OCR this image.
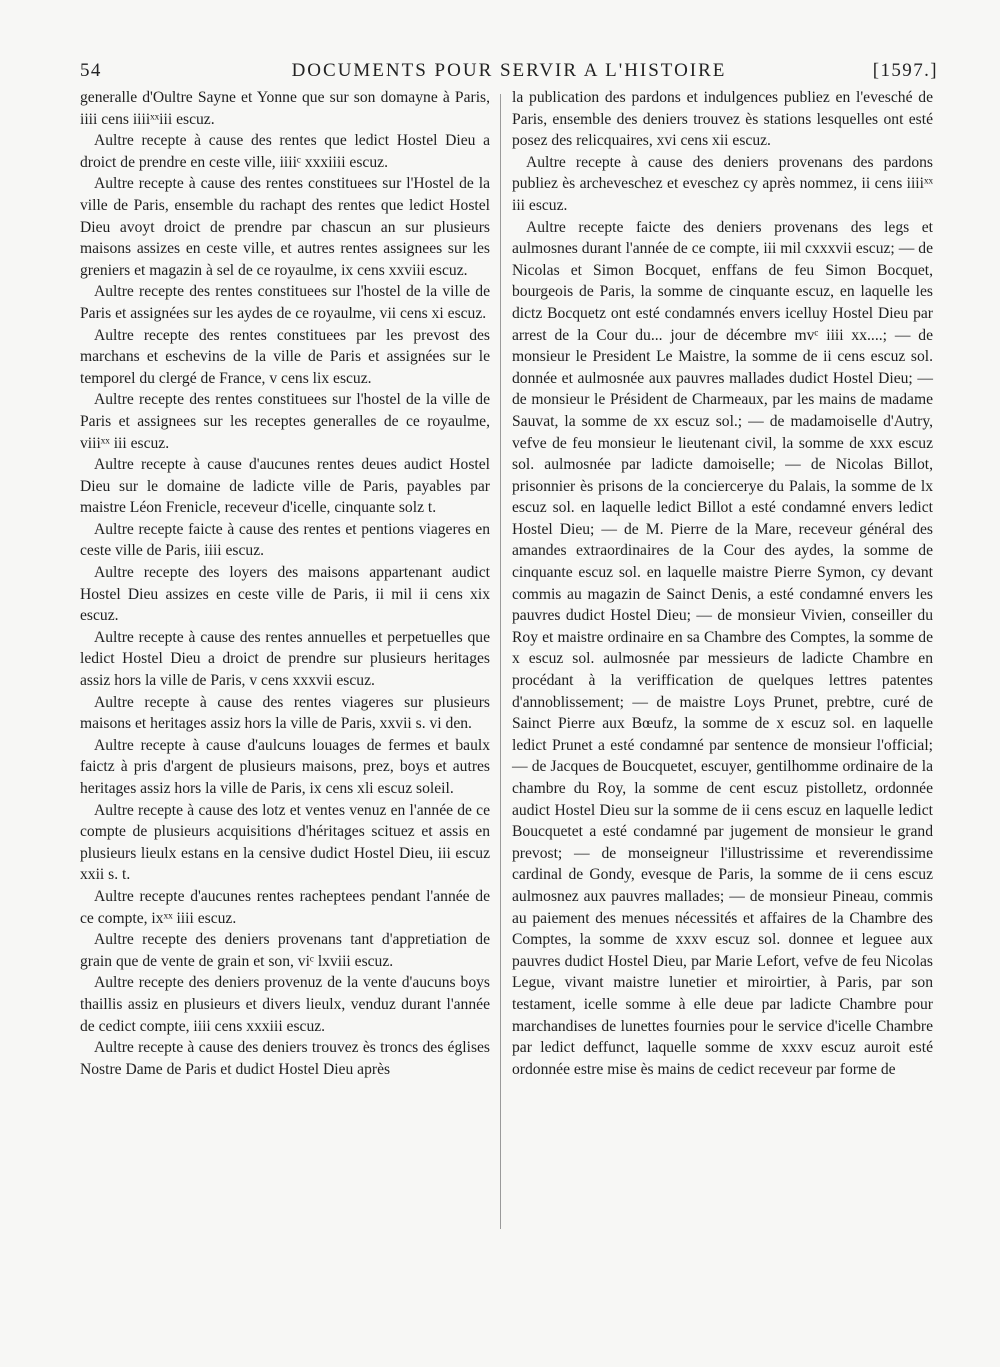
54	DOCUMENTS POUR SERVIR A L'HISTOIRE	[1597.]

generalle d'Oultre Sayne et Yonne que sur son domayne à Paris, iiii cens iiiiˣˣiii escuz.

Aultre recepte à cause des rentes que ledict Hostel Dieu a droict de prendre en ceste ville, iiiiᶜ xxxiiii escuz.

Aultre recepte à cause des rentes constituees sur l'Hostel de la ville de Paris, ensemble du rachapt des rentes que ledict Hostel Dieu avoyt droict de prendre par chascun an sur plusieurs maisons assizes en ceste ville, et autres rentes assignees sur les greniers et magazin à sel de ce royaulme, ix cens xxviii escuz.

Aultre recepte des rentes constituees sur l'hostel de la ville de Paris et assignées sur les aydes de ce royaulme, vii cens xi escuz.

Aultre recepte des rentes constituees par les prevost des marchans et eschevins de la ville de Paris et assignées sur le temporel du clergé de France, v cens lix escuz.

Aultre recepte des rentes constituees sur l'hostel de la ville de Paris et assignees sur les receptes generalles de ce royaulme, viiiˣˣ iii escuz.

Aultre recepte à cause d'aucunes rentes deues audict Hostel Dieu sur le domaine de ladicte ville de Paris, payables par maistre Léon Frenicle, receveur d'icelle, cinquante solz t.

Aultre recepte faicte à cause des rentes et pentions viageres en ceste ville de Paris, iiii escuz.

Aultre recepte des loyers des maisons appartenant audict Hostel Dieu assizes en ceste ville de Paris, ii mil ii cens xix escuz.

Aultre recepte à cause des rentes annuelles et perpetuelles que ledict Hostel Dieu a droict de prendre sur plusieurs heritages assiz hors la ville de Paris, v cens xxxvii escuz.

Aultre recepte à cause des rentes viageres sur plusieurs maisons et heritages assiz hors la ville de Paris, xxvii s. vi den.

Aultre recepte à cause d'aulcuns louages de fermes et baulx faictz à pris d'argent de plusieurs maisons, prez, boys et autres heritages assiz hors la ville de Paris, ix cens xli escuz soleil.

Aultre recepte à cause des lotz et ventes venuz en l'année de ce compte de plusieurs acquisitions d'héritages scituez et assis en plusieurs lieulx estans en la censive dudict Hostel Dieu, iii escuz xxii s. t.

Aultre recepte d'aucunes rentes racheptees pendant l'année de ce compte, ixˣˣ iiii escuz.

Aultre recepte des deniers provenans tant d'appretiation de grain que de vente de grain et son, viᶜ lxviii escuz.

Aultre recepte des deniers provenuz de la vente d'aucuns boys thaillis assiz en plusieurs et divers lieulx, venduz durant l'année de cedict compte, iiii cens xxxiii escuz.

Aultre recepte à cause des deniers trouvez ès troncs des églises Nostre Dame de Paris et dudict Hostel Dieu après

la publication des pardons et indulgences publiez en l'evesché de Paris, ensemble des deniers trouvez ès stations lesquelles ont esté posez des relicquaires, xvi cens xii escuz.

Aultre recepte à cause des deniers provenans des pardons publiez ès archeveschez et eveschez cy après nommez, ii cens iiiiˣˣ iii escuz.

Aultre recepte faicte des deniers provenans des legs et aulmosnes durant l'année de ce compte, iii mil cxxxvii escuz; — de Nicolas et Simon Bocquet, enffans de feu Simon Bocquet, bourgeois de Paris, la somme de cinquante escuz, en laquelle les dictz Bocquetz ont esté condamnés envers icelluy Hostel Dieu par arrest de la Cour du... jour de décembre mvᶜ iiii xx....; — de monsieur le President Le Maistre, la somme de ii cens escuz sol. donnée et aulmosnée aux pauvres mallades dudict Hostel Dieu; — de monsieur le Président de Charmeaux, par les mains de madame Sauvat, la somme de xx escuz sol.; — de madamoiselle d'Autry, vefve de feu monsieur le lieutenant civil, la somme de xxx escuz sol. aulmosnée par ladicte damoiselle; — de Nicolas Billot, prisonnier ès prisons de la conciercerye du Palais, la somme de lx escuz sol. en laquelle ledict Billot a esté condamné envers ledict Hostel Dieu; — de M. Pierre de la Mare, receveur général des amandes extraordinaires de la Cour des aydes, la somme de cinquante escuz sol. en laquelle maistre Pierre Symon, cy devant commis au magazin de Sainct Denis, a esté condamné envers les pauvres dudict Hostel Dieu; — de monsieur Vivien, conseiller du Roy et maistre ordinaire en sa Chambre des Comptes, la somme de x escuz sol. aulmosnée par messieurs de ladicte Chambre en procédant à la veriffication de quelques lettres patentes d'annoblissement; — de maistre Loys Prunet, prebtre, curé de Sainct Pierre aux Bœufz, la somme de x escuz sol. en laquelle ledict Prunet a esté condamné par sentence de monsieur l'official; — de Jacques de Boucquetet, escuyer, gentilhomme ordinaire de la chambre du Roy, la somme de cent escuz pistolletz, ordonnée audict Hostel Dieu sur la somme de ii cens escuz en laquelle ledict Boucquetet a esté condamné par jugement de monsieur le grand prevost; — de monseigneur l'illustrissime et reverendissime cardinal de Gondy, evesque de Paris, la somme de ii cens escuz aulmosnez aux pauvres mallades; — de monsieur Pineau, commis au paiement des menues nécessités et affaires de la Chambre des Comptes, la somme de xxxv escuz sol. donnee et leguee aux pauvres dudict Hostel Dieu, par Marie Lefort, vefve de feu Nicolas Legue, vivant maistre lunetier et miroirtier, à Paris, par son testament, icelle somme à elle deue par ladicte Chambre pour marchandises de lunettes fournies pour le service d'icelle Chambre par ledict deffunct, laquelle somme de xxxv escuz auroit esté ordonnée estre mise ès mains de cedict receveur par forme de
